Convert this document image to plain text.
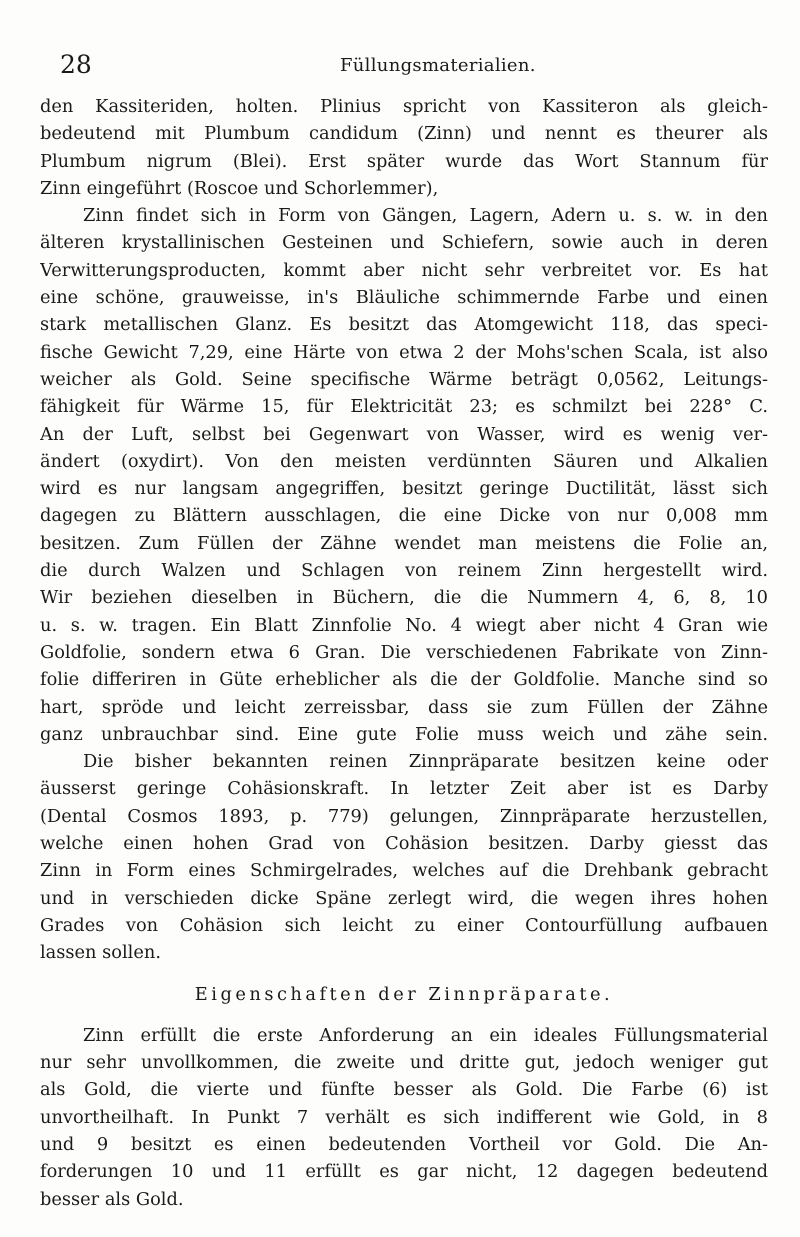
28	Füllungsmaterialien.
den Kassiteriden, holten. Plinius spricht von Kassiteron als gleich-
bedeutend mit Plumbum candidum (Zinn) und nennt es theurer als
Plumbum nigrum (Blei). Erst später wurde das Wort Stannum für
Zinn eingeführt (Roscoe und Schorlemmer),
Zinn findet sich in Form von Gängen, Lagern, Adern u. s. w. in den
älteren krystallinischen Gesteinen und Schiefern, sowie auch in deren
Verwitterungsproducten, kommt aber nicht sehr verbreitet vor. Es hat
eine schöne, grauweisse, in's Bläuliche schimmernde Farbe und einen
stark metallischen Glanz. Es besitzt das Atomgewicht 118, das speci-
fische Gewicht 7,29, eine Härte von etwa 2 der Mohs'schen Scala, ist also
weicher als Gold. Seine specifische Wärme beträgt 0,0562, Leitungs-
fähigkeit für Wärme 15, für Elektricität 23; es schmilzt bei 228° C.
An der Luft, selbst bei Gegenwart von Wasser, wird es wenig ver-
ändert (oxydirt). Von den meisten verdünnten Säuren und Alkalien
wird es nur langsam angegriffen, besitzt geringe Ductilität, lässt sich
dagegen zu Blättern ausschlagen, die eine Dicke von nur 0,008 mm
besitzen. Zum Füllen der Zähne wendet man meistens die Folie an,
die durch Walzen und Schlagen von reinem Zinn hergestellt wird.
Wir beziehen dieselben in Büchern, die die Nummern 4, 6, 8, 10
u. s. w. tragen. Ein Blatt Zinnfolie No. 4 wiegt aber nicht 4 Gran wie
Goldfolie, sondern etwa 6 Gran. Die verschiedenen Fabrikate von Zinn-
folie differiren in Güte erheblicher als die der Goldfolie. Manche sind so
hart, spröde und leicht zerreissbar, dass sie zum Füllen der Zähne
ganz unbrauchbar sind. Eine gute Folie muss weich und zähe sein.
Die bisher bekannten reinen Zinnpräparate besitzen keine oder
äusserst geringe Cohäsionskraft. In letzter Zeit aber ist es Darby
(Dental Cosmos 1893, p. 779) gelungen, Zinnpräparate herzustellen,
welche einen hohen Grad von Cohäsion besitzen. Darby giesst das
Zinn in Form eines Schmirgelrades, welches auf die Drehbank gebracht
und in verschieden dicke Späne zerlegt wird, die wegen ihres hohen
Grades von Cohäsion sich leicht zu einer Contourfüllung aufbauen
lassen sollen.
Eigenschaften der Zinnpräparate.
Zinn erfüllt die erste Anforderung an ein ideales Füllungsmaterial
nur sehr unvollkommen, die zweite und dritte gut, jedoch weniger gut
als Gold, die vierte und fünfte besser als Gold. Die Farbe (6) ist
unvortheilhaft. In Punkt 7 verhält es sich indifferent wie Gold, in 8
und 9 besitzt es einen bedeutenden Vortheil vor Gold. Die An-
forderungen 10 und 11 erfüllt es gar nicht, 12 dagegen bedeutend
besser als Gold.
